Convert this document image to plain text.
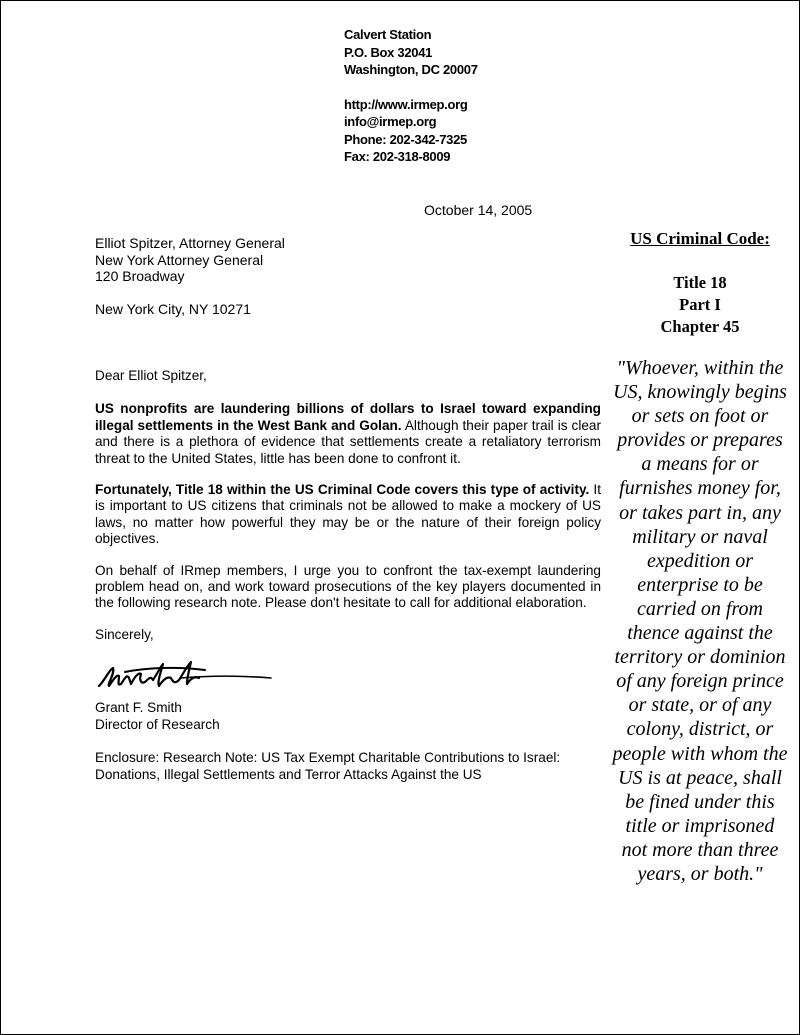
Calvert Station
P.O. Box 32041
Washington, DC 20007
http://www.irmep.org
info@irmep.org
Phone: 202-342-7325
Fax: 202-318-8009
October 14, 2005
Elliot Spitzer, Attorney General
New York Attorney General
120 Broadway
New York City, NY 10271

Dear Elliot Spitzer,

US nonprofits are laundering billions of dollars to Israel toward expanding illegal settlements in the West Bank and Golan. Although their paper trail is clear and there is a plethora of evidence that settlements create a retaliatory terrorism threat to the United States, little has been done to confront it.

Fortunately, Title 18 within the US Criminal Code covers this type of activity. It is important to US citizens that criminals not be allowed to make a mockery of US laws, no matter how powerful they may be or the nature of their foreign policy objectives.

On behalf of IRmep members, I urge you to confront the tax-exempt laundering problem head on, and work toward prosecutions of the key players documented in the following research note. Please don't hesitate to call for additional elaboration.

Sincerely,

Grant F. Smith
Director of Research

Enclosure: Research Note: US Tax Exempt Charitable Contributions to Israel: Donations, Illegal Settlements and Terror Attacks Against the US

US Criminal Code:
Title 18
Part I
Chapter 45
"Whoever, within the US, knowingly begins or sets on foot or provides or prepares a means for or furnishes money for, or takes part in, any military or naval expedition or enterprise to be carried on from thence against the territory or dominion of any foreign prince or state, or of any colony, district, or people with whom the US is at peace, shall be fined under this title or imprisoned not more than three years, or both."
